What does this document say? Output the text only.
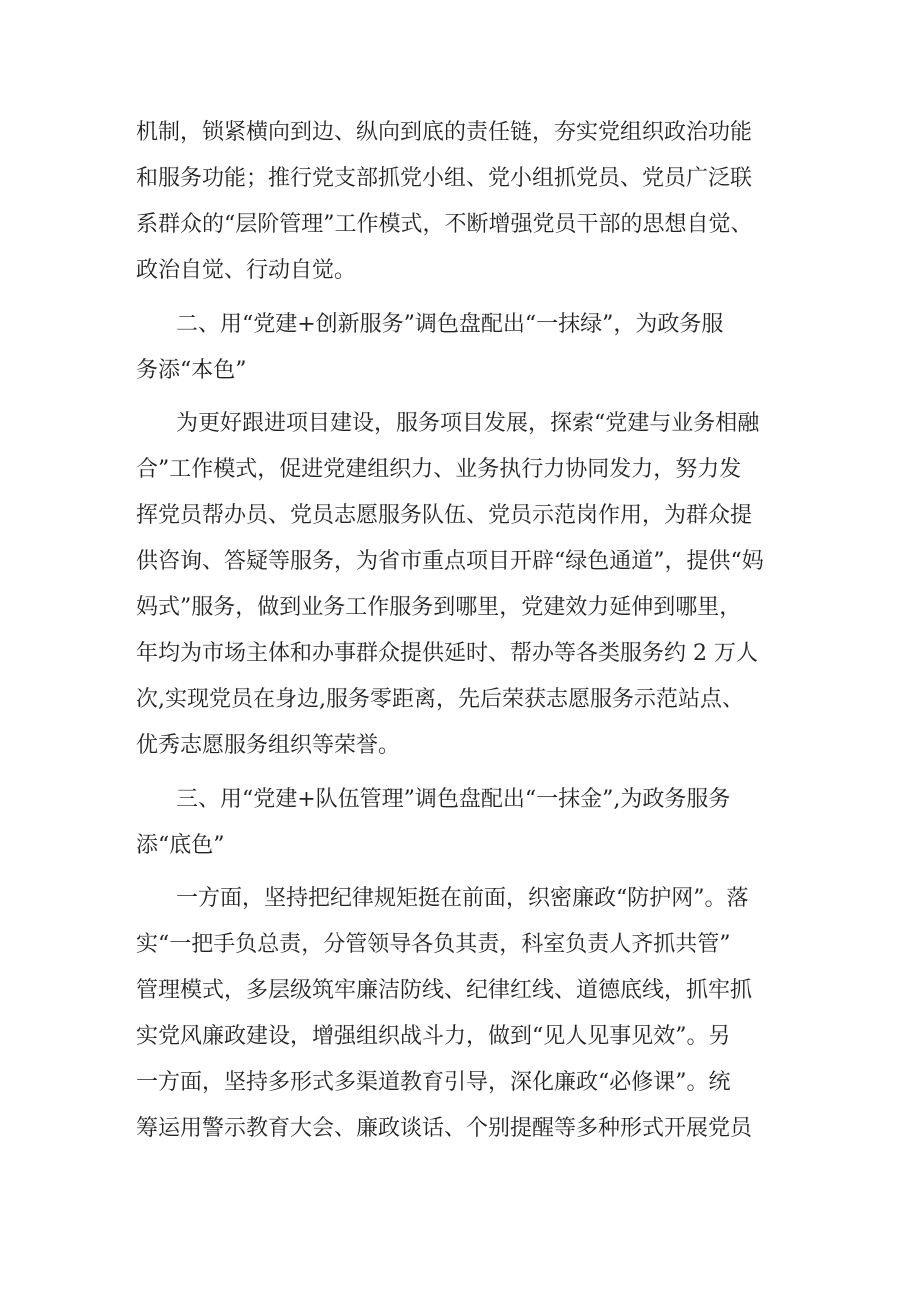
机制，锁紧横向到边、纵向到底的责任链，夯实党组织政治功能

和服务功能；推行党支部抓党小组、党小组抓党员、党员广泛联

系群众的“层阶管理”工作模式，不断增强党员干部的思想自觉、

政治自觉、行动自觉。

二、用“党建+创新服务”调色盘配出“一抹绿”，为政务服

务添“本色”

为更好跟进项目建设，服务项目发展，探索“党建与业务相融

合”工作模式，促进党建组织力、业务执行力协同发力，努力发

挥党员帮办员、党员志愿服务队伍、党员示范岗作用，为群众提

供咨询、答疑等服务，为省市重点项目开辟“绿色通道”，提供“妈

妈式”服务，做到业务工作服务到哪里，党建效力延伸到哪里，

年均为市场主体和办事群众提供延时、帮办等各类服务约 2 万人

次,实现党员在身边,服务零距离，先后荣获志愿服务示范站点、

优秀志愿服务组织等荣誉。

三、用“党建+队伍管理”调色盘配出“一抹金”,为政务服务

添“底色”

一方面，坚持把纪律规矩挺在前面，织密廉政“防护网”。落

实“一把手负总责，分管领导各负其责，科室负责人齐抓共管”

管理模式，多层级筑牢廉洁防线、纪律红线、道德底线，抓牢抓

实党风廉政建设，增强组织战斗力，做到“见人见事见效”。另

一方面，坚持多形式多渠道教育引导，深化廉政“必修课”。统

筹运用警示教育大会、廉政谈话、个别提醒等多种形式开展党员
